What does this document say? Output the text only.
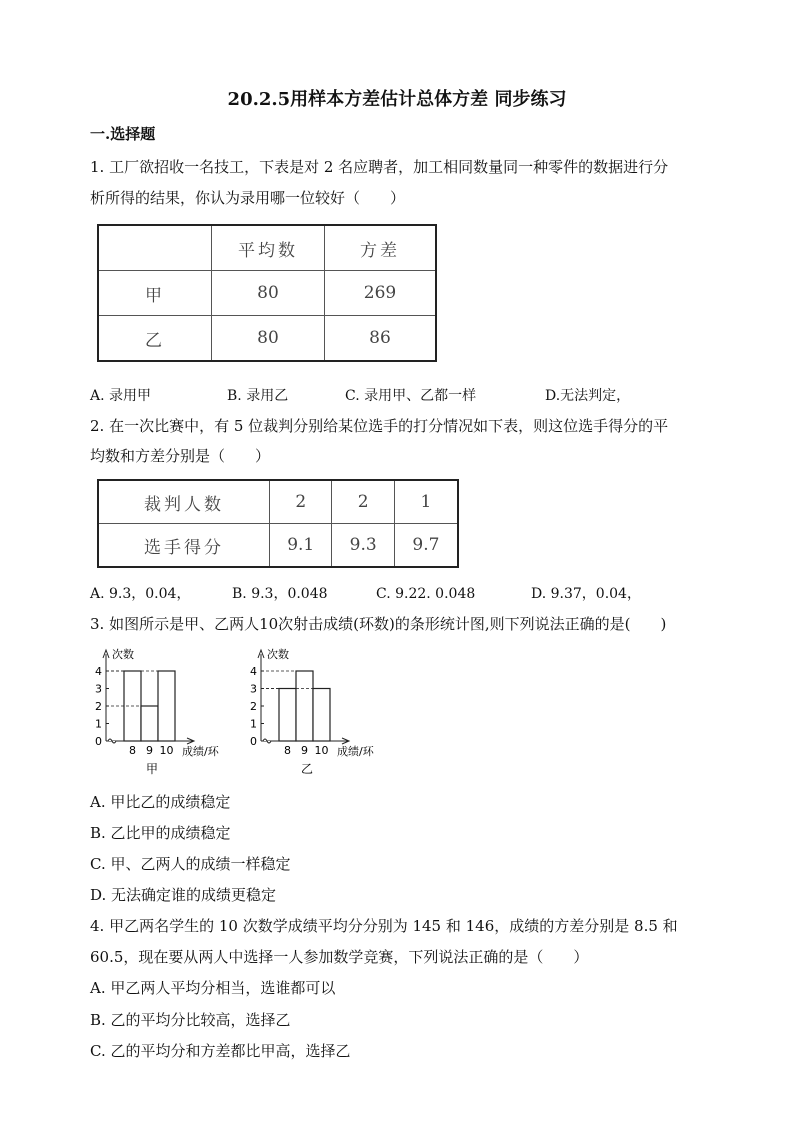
20.2.5用样本方差估计总体方差 同步练习
一.选择题
1. 工厂欲招收一名技工，下表是对 2 名应聘者，加工相同数量同一种零件的数据进行分
析所得的结果，你认为录用哪一位较好（　　）
	平均数	方差
甲	80	269
乙	80	86
A. 录用甲	B. 录用乙	C. 录用甲、乙都一样	D.无法判定，
2. 在一次比赛中，有 5 位裁判分别给某位选手的打分情况如下表，则这位选手得分的平
均数和方差分别是（　　）
裁判人数	2	2	1
选手得分	9.1	9.3	9.7
A. 9.3，0.04，	B. 9.3，0.048	C. 9.22. 0.048	D. 9.37，0.04，
3. 如图所示是甲、乙两人10次射击成绩(环数)的条形统计图,则下列说法正确的是(　　)
次数
0
1
2
3
4
8 9 10 成绩/环
甲
次数
0
1
2
3
4
8 9 10 成绩/环
乙
A. 甲比乙的成绩稳定
B. 乙比甲的成绩稳定
C. 甲、乙两人的成绩一样稳定
D. 无法确定谁的成绩更稳定
4. 甲乙两名学生的 10 次数学成绩平均分分别为 145 和 146，成绩的方差分别是 8.5 和
60.5，现在要从两人中选择一人参加数学竞赛，下列说法正确的是（　　）
A. 甲乙两人平均分相当，选谁都可以
B. 乙的平均分比较高，选择乙
C. 乙的平均分和方差都比甲高，选择乙
